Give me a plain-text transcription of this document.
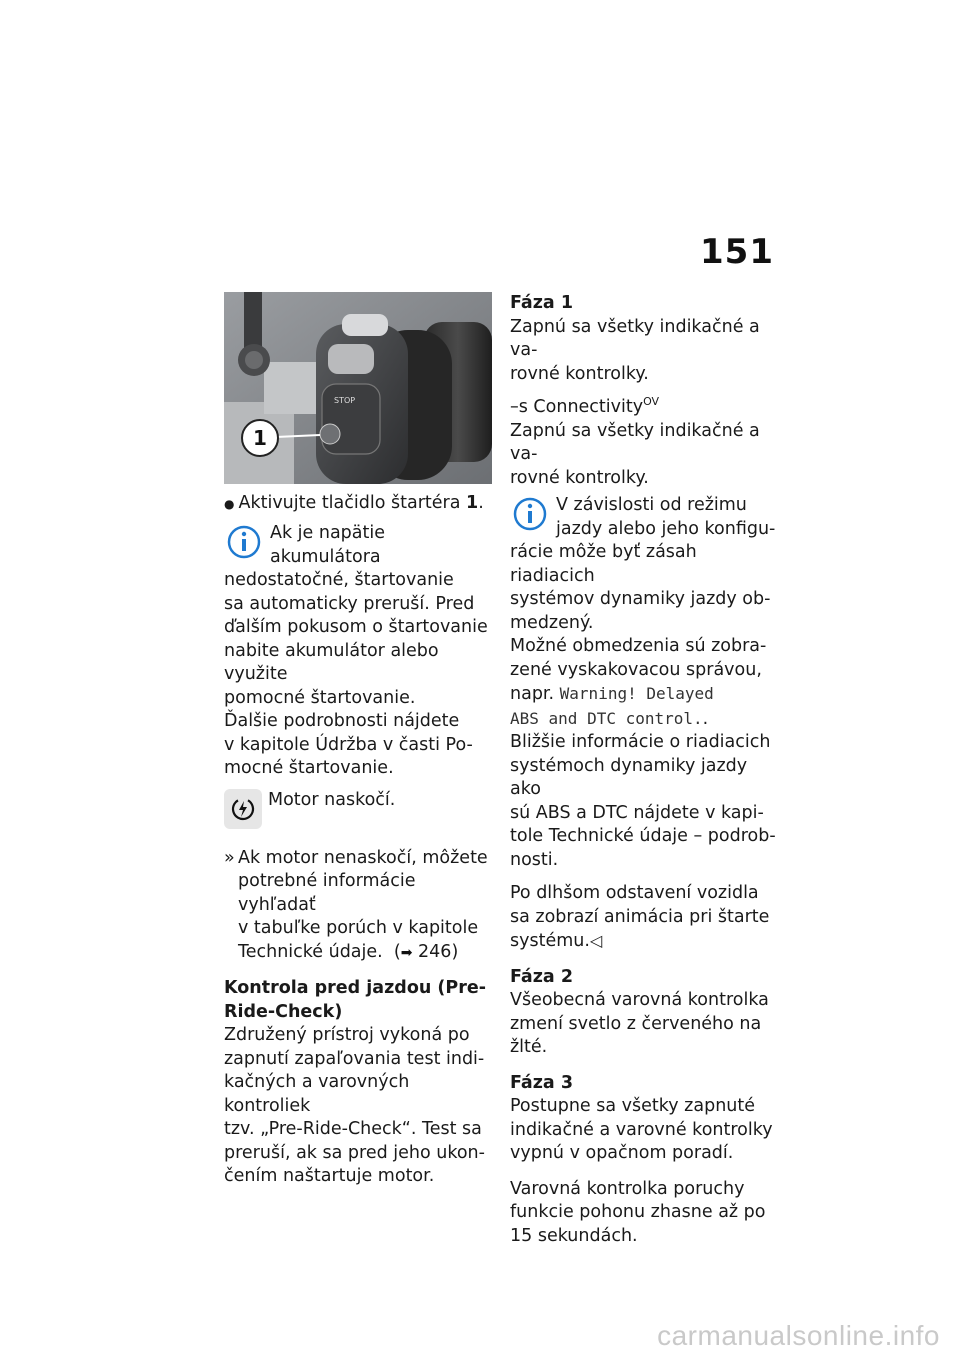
151
STOP
1
● Aktivujte tlačidlo štartéra 1.

Ak je napätie akumulátora

nedostatočné, štartovanie

sa automaticky preruší. Pred

ďalším pokusom o štartovanie

nabite akumulátor alebo využite

pomocné štartovanie.

Ďalšie podrobnosti nájdete

v kapitole Údržba v časti Po-

mocné štartovanie.

Motor naskočí.
» Ak motor nenaskočí, môžete

potrebné informácie vyhľadať

v tabuľke porúch v kapitole

Technické údaje. (➡ 246)

Kontrola pred jazdou (Pre-

Ride-Check)

Združený prístroj vykoná po

zapnutí zapaľovania test indi-

kačných a varovných kontroliek

tzv. „Pre-Ride-Check“. Test sa

preruší, ak sa pred jeho ukon-

čením naštartuje motor.

Fáza 1

Zapnú sa všetky indikačné a va-

rovné kontrolky.

–s Connectivity$^{OV}$

Zapnú sa všetky indikačné a va-

rovné kontrolky.

V závislosti od režimu

jazdy alebo jeho konfigu-

rácie môže byť zásah riadiacich

systémov dynamiky jazdy ob-

medzený.

Možné obmedzenia sú zobra-

zené vyskakovacou správou,

napr. Warning! Delayed

ABS and DTC control..

Bližšie informácie o riadiacich

systémoch dynamiky jazdy ako

sú ABS a DTC nájdete v kapi-

tole Technické údaje – podrob-

nosti.

Po dlhšom odstavení vozidla

sa zobrazí animácia pri štarte

systému.◁

Fáza 2

Všeobecná varovná kontrolka

zmení svetlo z červeného na

žlté.

Fáza 3

Postupne sa všetky zapnuté

indikačné a varovné kontrolky

vypnú v opačnom poradí.

Varovná kontrolka poruchy

funkcie pohonu zhasne až po

15 sekundách.

carmanualsonline.info
